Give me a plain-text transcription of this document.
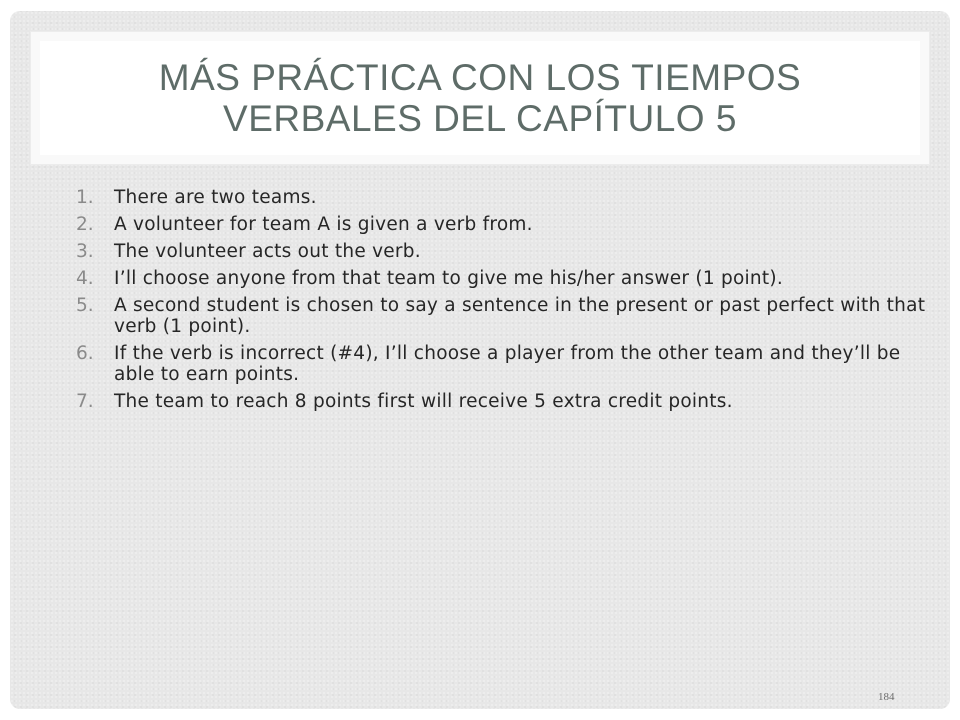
MÁS PRÁCTICA CON LOS TIEMPOS
VERBALES DEL CAPÍTULO 5
1.	There are two teams.
2.	A volunteer for team A is given a verb from.
3.	The volunteer acts out the verb.
4.	I’ll choose anyone from that team to give me his/her answer (1 point).
5.	A second student is chosen to say a sentence in the present or past perfect with that verb (1 point).
6.	If the verb is incorrect (#4), I’ll choose a player from the other team and they’ll be able to earn points.
7.	The team to reach 8 points first will receive 5 extra credit points.
184
